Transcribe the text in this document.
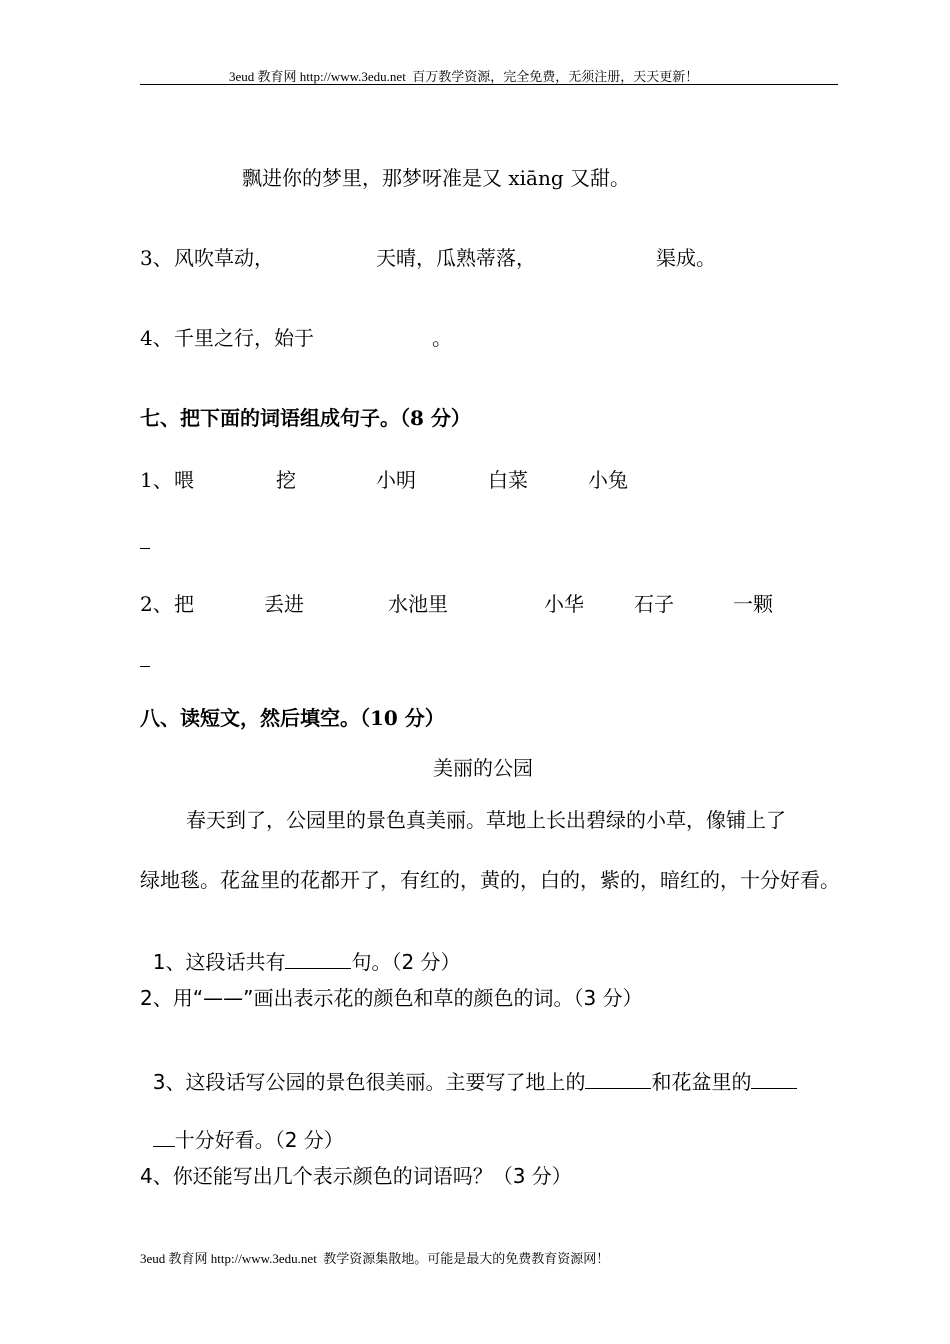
3eud 教育网 http://www.3edu.net  百万教学资源，完全免费，无须注册，天天更新！
飘进你的梦里，那梦呀准是又 xiāng 又甜。
3、 风吹草动，	天晴，瓜熟蒂落，	渠成。
4、 千里之行，始于	。
七、把下面的词语组成句子。（8 分）
1、 喂	挖	小明	白菜	小兔
2、 把	丢进	水池里	小华	石子	一颗
八、读短文，然后填空。（10 分）
美丽的公园
春天到了，公园里的景色真美丽。草地上长出碧绿的小草，像铺上了
绿地毯。花盆里的花都开了，有红的，黄的，白的，紫的，暗红的，十分好看。

1、这段话共有	句。（2 分）

2、用“——”画出表示花的颜色和草的颜色的词。（3 分）

3、这段话写公园的景色很美丽。主要写了地上的	和花盆里的

十分好看。（2 分）

4、你还能写出几个表示颜色的词语吗？（3 分）
3eud 教育网 http://www.3edu.net  教学资源集散地。可能是最大的免费教育资源网！
